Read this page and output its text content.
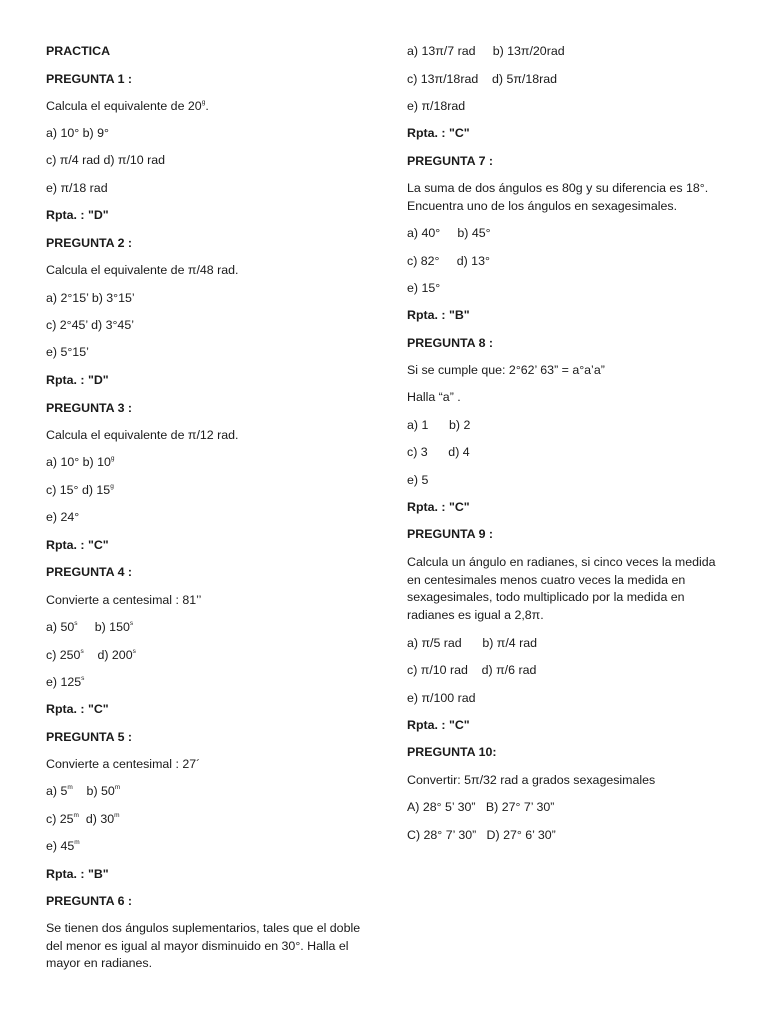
PRACTICA

PREGUNTA 1 :

Calcula el equivalente de 20$^g$.

a) 10° b) 9°

c) π/4 rad d) π/10 rad

e) π/18 rad

Rpta. : "D"

PREGUNTA 2 :

Calcula el equivalente de π/48 rad.

a) 2°15’ b) 3°15’

c) 2°45’ d) 3°45’

e) 5°15’

Rpta. : "D"

PREGUNTA 3 :

Calcula el equivalente de π/12 rad.

a) 10° b) 10$^g$

c) 15° d) 15$^g$

e) 24°

Rpta. : "C"

PREGUNTA 4 :

Convierte a centesimal : 81’’

a) 50$^s$     b) 150$^s$

c) 250$^s$    d) 200$^s$

e) 125$^s$

Rpta. : "C"

PREGUNTA 5 :

Convierte a centesimal : 27´

a) 5$^m$    b) 50$^m$

c) 25$^m$  d) 30$^m$

e) 45$^m$

Rpta. : "B"

PREGUNTA 6 :

Se tienen dos ángulos suplementarios, tales que el doble del menor es igual al mayor disminuido en 30°. Halla el mayor en radianes.

a) 13π/7 rad     b) 13π/20rad

c) 13π/18rad    d) 5π/18rad

e) π/18rad

Rpta. : "C"

PREGUNTA 7 :

La suma de dos ángulos es 80g y su diferencia es 18°. Encuentra uno de los ángulos en sexagesimales.

a) 40°     b) 45°

c) 82°     d) 13°

e) 15°

Rpta. : "B"

PREGUNTA 8 :

Si se cumple que: 2°62’ 63” = a°a’a”

Halla “a” .

a) 1      b) 2

c) 3      d) 4

e) 5

Rpta. : "C"

PREGUNTA 9 :

Calcula un ángulo en radianes, si cinco veces la medida en centesimales menos cuatro veces la medida en sexagesimales, todo multiplicado por la medida en radianes es igual a 2,8π.

a) π/5 rad      b) π/4 rad

c) π/10 rad    d) π/6 rad

e) π/100 rad

Rpta. : "C"

PREGUNTA 10:

Convertir: 5π/32 rad a grados sexagesimales

A) 28° 5’ 30”   B) 27° 7’ 30”

C) 28° 7’ 30”   D) 27° 6’ 30”
